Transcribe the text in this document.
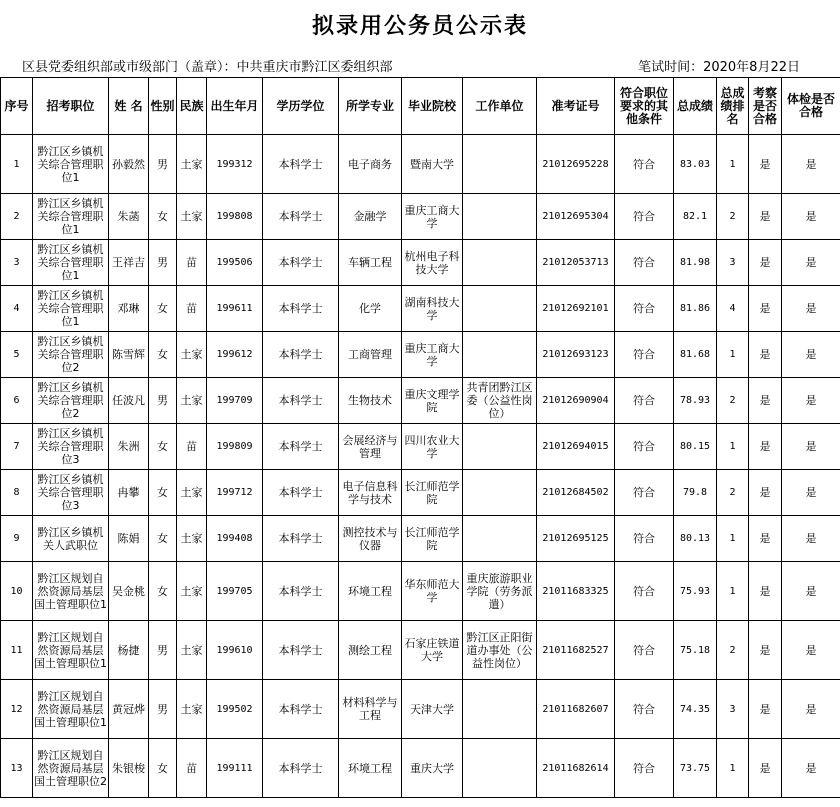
拟录用公务员公示表
区县党委组织部或市级部门（盖章）：中共重庆市黔江区委组织部	笔试时间：2020年8月22日
序号	招考职位	姓 名	性别	民族	出生年月	学历学位	所学专业	毕业院校	工作单位	准考证号	符合职位要求的其他条件	总成绩	总成绩排名	考察是否合格	体检是否合格
1	黔江区乡镇机关综合管理职位1	孙毅然	男	土家	199312	本科学士	电子商务	暨南大学		21012695228	符合	83.03	1	是	是
2	黔江区乡镇机关综合管理职位1	朱菡	女	土家	199808	本科学士	金融学	重庆工商大学		21012695304	符合	82.1	2	是	是
3	黔江区乡镇机关综合管理职位1	王祥吉	男	苗	199506	本科学士	车辆工程	杭州电子科技大学		21012053713	符合	81.98	3	是	是
4	黔江区乡镇机关综合管理职位1	邓琳	女	苗	199611	本科学士	化学	湖南科技大学		21012692101	符合	81.86	4	是	是
5	黔江区乡镇机关综合管理职位2	陈雪辉	女	土家	199612	本科学士	工商管理	重庆工商大学		21012693123	符合	81.68	1	是	是
6	黔江区乡镇机关综合管理职位2	任波凡	男	土家	199709	本科学士	生物技术	重庆文理学院	共青团黔江区委（公益性岗位）	21012690904	符合	78.93	2	是	是
7	黔江区乡镇机关综合管理职位3	朱洲	女	苗	199809	本科学士	会展经济与管理	四川农业大学		21012694015	符合	80.15	1	是	是
8	黔江区乡镇机关综合管理职位3	冉攀	女	土家	199712	本科学士	电子信息科学与技术	长江师范学院		21012684502	符合	79.8	2	是	是
9	黔江区乡镇机关人武职位	陈娟	女	土家	199408	本科学士	测控技术与仪器	长江师范学院		21012695125	符合	80.13	1	是	是
10	黔江区规划自然资源局基层国土管理职位1	吴金桃	女	土家	199705	本科学士	环境工程	华东师范大学	重庆旅游职业学院（劳务派遣）	21011683325	符合	75.93	1	是	是
11	黔江区规划自然资源局基层国土管理职位1	杨捷	男	土家	199610	本科学士	测绘工程	石家庄铁道大学	黔江区正阳街道办事处（公益性岗位）	21011682527	符合	75.18	2	是	是
12	黔江区规划自然资源局基层国土管理职位1	黄冠烨	男	土家	199502	本科学士	材料科学与工程	天津大学		21011682607	符合	74.35	3	是	是
13	黔江区规划自然资源局基层国土管理职位2	朱银梭	女	苗	199111	本科学士	环境工程	重庆大学		21011682614	符合	73.75	1	是	是
